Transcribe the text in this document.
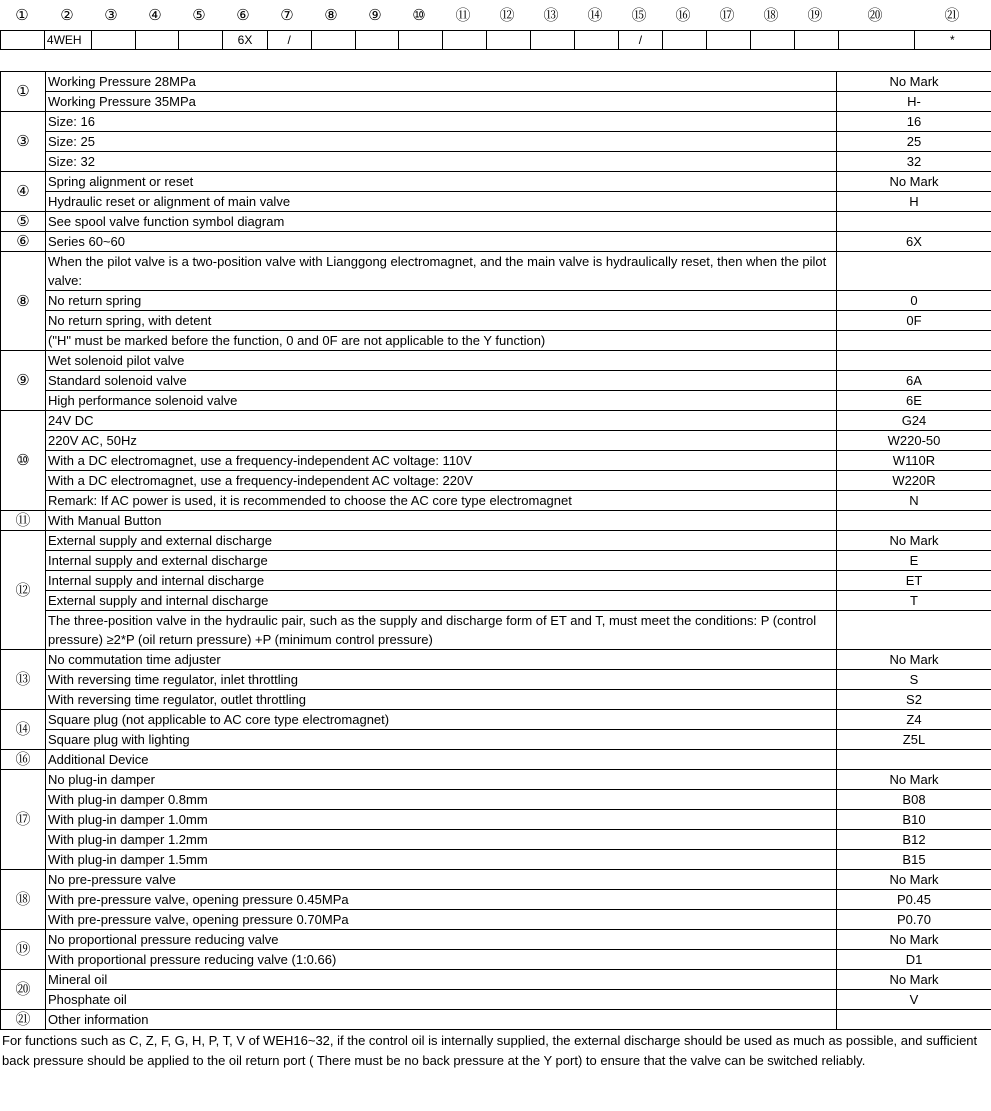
①	②	③	④	⑤	⑥	⑦	⑧	⑨	⑩	⑪	⑫	⑬	⑭	⑮	⑯	⑰	⑱	⑲	⑳	㉑
	4WEH				6X	/								/						*
①	Working Pressure 28MPa	No Mark
	Working Pressure 35MPa	H-
③	Size: 16	16
	Size: 25	25
	Size: 32	32
④	Spring alignment or reset	No Mark
	Hydraulic reset or alignment of main valve	H
⑤	See spool valve function symbol diagram	
⑥	Series 60~60	6X
⑧	When the pilot valve is a two-position valve with Lianggong electromagnet, and the main valve is hydraulically reset, then when the pilot valve:	
	No return spring	0
	No return spring, with detent	0F
	("H" must be marked before the function, 0 and 0F are not applicable to the Y function)	
⑨	Wet solenoid pilot valve	
	Standard solenoid valve	6A
	High performance solenoid valve	6E
⑩	24V DC	G24
	220V AC, 50Hz	W220-50
	With a DC electromagnet, use a frequency-independent AC voltage: 110V	W110R
	With a DC electromagnet, use a frequency-independent AC voltage: 220V	W220R
	Remark: If AC power is used, it is recommended to choose the AC core type electromagnet	N
⑪	With Manual Button	
⑫	External supply and external discharge	No Mark
	Internal supply and external discharge	E
	Internal supply and internal discharge	ET
	External supply and internal discharge	T
	The three-position valve in the hydraulic pair, such as the supply and discharge form of ET and T, must meet the conditions: P (control pressure) ≥2*P (oil return pressure) +P (minimum control pressure)	
⑬	No commutation time adjuster	No Mark
	With reversing time regulator, inlet throttling	S
	With reversing time regulator, outlet throttling	S2
⑭	Square plug (not applicable to AC core type electromagnet)	Z4
	Square plug with lighting	Z5L
⑯	Additional Device	
⑰	No plug-in damper	No Mark
	With plug-in damper 0.8mm	B08
	With plug-in damper 1.0mm	B10
	With plug-in damper 1.2mm	B12
	With plug-in damper 1.5mm	B15
⑱	No pre-pressure valve	No Mark
	With pre-pressure valve, opening pressure 0.45MPa	P0.45
	With pre-pressure valve, opening pressure 0.70MPa	P0.70
⑲	No proportional pressure reducing valve	No Mark
	With proportional pressure reducing valve (1:0.66)	D1
⑳	Mineral oil	No Mark
	Phosphate oil	V
㉑	Other information	
For functions such as C, Z, F, G, H, P, T, V of WEH16~32, if the control oil is internally supplied, the external discharge should be used as much as possible, and sufficient back pressure should be applied to the oil return port ( There must be no back pressure at the Y port) to ensure that the valve can be switched reliably.
